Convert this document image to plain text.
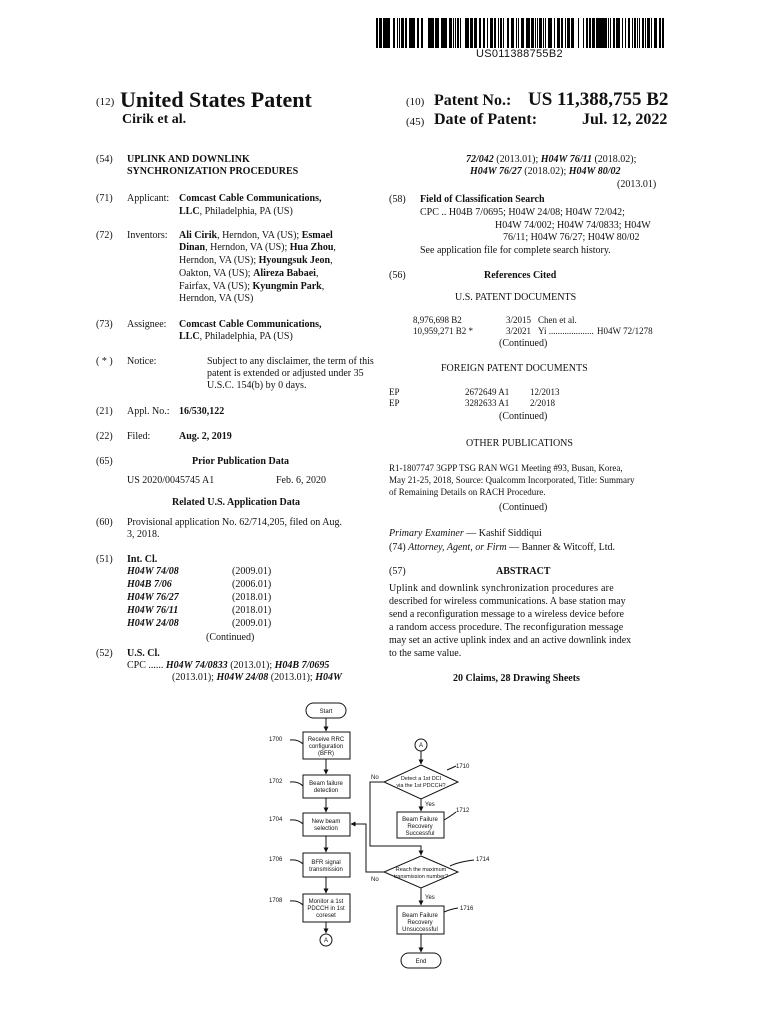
US011388755B2
(12) United States Patent
Cirik et al.
(10) Patent No.: US 11,388,755 B2
(45) Date of Patent:	Jul. 12, 2022
(54) UPLINK AND DOWNLINK
SYNCHRONIZATION PROCEDURES
(71) Applicant: Comcast Cable Communications,
LLC, Philadelphia, PA (US)
(72) Inventors: Ali Cirik, Herndon, VA (US); Esmael
Dinan, Herndon, VA (US); Hua Zhou,
Herndon, VA (US); Hyoungsuk Jeon,
Oakton, VA (US); Alireza Babaei,
Fairfax, VA (US); Kyungmin Park,
Herndon, VA (US)
(73) Assignee: Comcast Cable Communications,
LLC, Philadelphia, PA (US)
( * ) Notice:	Subject to any disclaimer, the term of this
patent is extended or adjusted under 35
U.S.C. 154(b) by 0 days.
(21) Appl. No.: 16/530,122
(22) Filed:	Aug. 2, 2019
(65)	Prior Publication Data
US 2020/0045745 A1	Feb. 6, 2020
Related U.S. Application Data
(60) Provisional application No. 62/714,205, filed on Aug.
3, 2018.
(51) Int. Cl.
H04W 74/08	(2009.01)
H04B 7/06	(2006.01)
H04W 76/27	(2018.01)
H04W 76/11	(2018.01)
H04W 24/08	(2009.01)
(Continued)
(52) U.S. Cl.
CPC ...... H04W 74/0833 (2013.01); H04B 7/0695
(2013.01); H04W 24/08 (2013.01); H04W
72/042 (2013.01); H04W 76/11 (2018.02);
H04W 76/27 (2018.02); H04W 80/02
(2013.01)
(58) Field of Classification Search
CPC .. H04B 7/0695; H04W 24/08; H04W 72/042;
H04W 74/002; H04W 74/0833; H04W
76/11; H04W 76/27; H04W 80/02
See application file for complete search history.
(56)	References Cited
U.S. PATENT DOCUMENTS
8,976,698 B2	3/2015 Chen et al.
10,959,271 B2 *	3/2021 Yi .................... H04W 72/1278
(Continued)
FOREIGN PATENT DOCUMENTS
EP	2672649 A1 12/2013
EP	3282633 A1 2/2018
(Continued)
OTHER PUBLICATIONS
R1-1807747 3GPP TSG RAN WG1 Meeting #93, Busan, Korea,
May 21-25, 2018, Source: Qualcomm Incorporated, Title: Summary
of Remaining Details on RACH Procedure.
(Continued)
Primary Examiner — Kashif Siddiqui
(74) Attorney, Agent, or Firm — Banner & Witcoff, Ltd.
(57)	ABSTRACT
Uplink and downlink synchronization procedures are
described for wireless communications. A base station may
send a reconfiguration message to a wireless device before
a random access procedure. The reconfiguration message
may set an active uplink index and an active downlink index
to the same value.
20 Claims, 28 Drawing Sheets
Start
End
A
A
Receive RRC
configuration
(BFR)
Beam failure
detection
New beam
selection
BFR signal
transmission
Monitor a 1st
PDCCH in 1st
coreset
Detect a 1st DCI
via the 1st PDCCH?
Beam Failure
Recovery
Successful
Reach the maximum
transmission number?
Beam Failure
Recovery
Unsuccessful
1700
1702
1704
1706
1708
1710
1712
1714
1716
No
Yes
No
Yes
